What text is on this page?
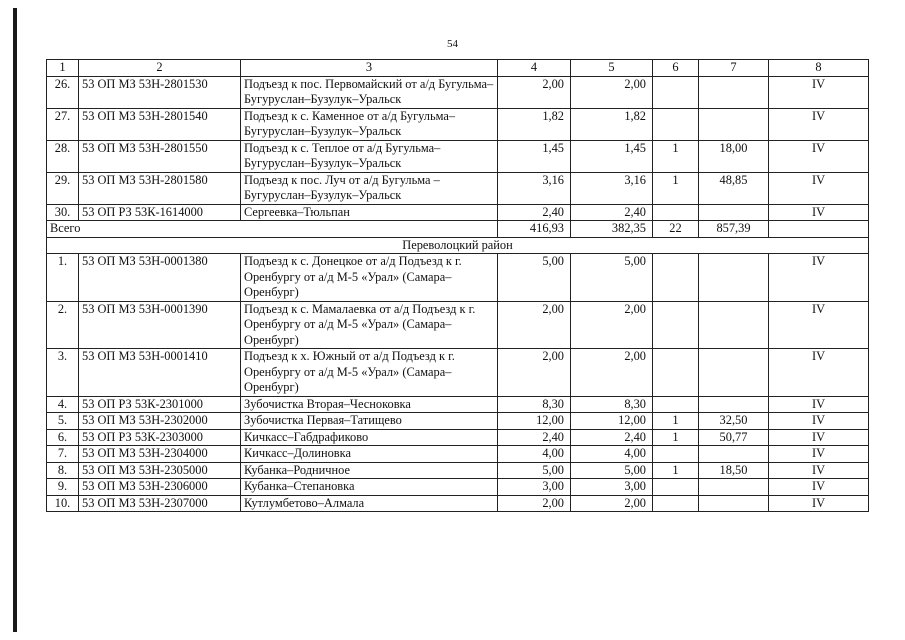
54
1	2	3	4	5	6	7	8
26.	53 ОП МЗ 53Н-2801530	Подъезд к пос. Первомайский от а/д Бугульма–Бугуруслан–Бузулук–Уральск	2,00	2,00			IV
27.	53 ОП МЗ 53Н-2801540	Подъезд к с. Каменное от а/д Бугульма–Бугуруслан–Бузулук–Уральск	1,82	1,82			IV
28.	53 ОП МЗ 53Н-2801550	Подъезд к с. Теплое от а/д Бугульма–Бугуруслан–Бузулук–Уральск	1,45	1,45	1	18,00	IV
29.	53 ОП МЗ 53Н-2801580	Подъезд к пос. Луч от а/д Бугульма – Бугуруслан–Бузулук–Уральск	3,16	3,16	1	48,85	IV
30.	53 ОП РЗ 53К-1614000	Сергеевка–Тюльпан	2,40	2,40			IV
Всего			416,93	382,35	22	857,39	
Переволоцкий район							
1.	53 ОП МЗ 53Н-0001380	Подъезд к с. Донецкое от а/д Подъезд к г. Оренбургу от а/д М-5 «Урал» (Самара–Оренбург)	5,00	5,00			IV
2.	53 ОП МЗ 53Н-0001390	Подъезд к с. Мамалаевка от а/д Подъезд к г. Оренбургу от а/д М-5 «Урал» (Самара–Оренбург)	2,00	2,00			IV
3.	53 ОП МЗ 53Н-0001410	Подъезд к х. Южный от а/д Подъезд к г. Оренбургу от а/д М-5 «Урал» (Самара–Оренбург)	2,00	2,00			IV
4.	53 ОП РЗ 53К-2301000	Зубочистка Вторая–Чесноковка	8,30	8,30			IV
5.	53 ОП МЗ 53Н-2302000	Зубочистка Первая–Татищево	12,00	12,00	1	32,50	IV
6.	53 ОП РЗ 53К-2303000	Кичкасс–Габдрафиково	2,40	2,40	1	50,77	IV
7.	53 ОП МЗ 53Н-2304000	Кичкасс–Долиновка	4,00	4,00			IV
8.	53 ОП МЗ 53Н-2305000	Кубанка–Родничное	5,00	5,00	1	18,50	IV
9.	53 ОП МЗ 53Н-2306000	Кубанка–Степановка	3,00	3,00			IV
10.	53 ОП МЗ 53Н-2307000	Кутлумбетово–Алмала	2,00	2,00			IV
